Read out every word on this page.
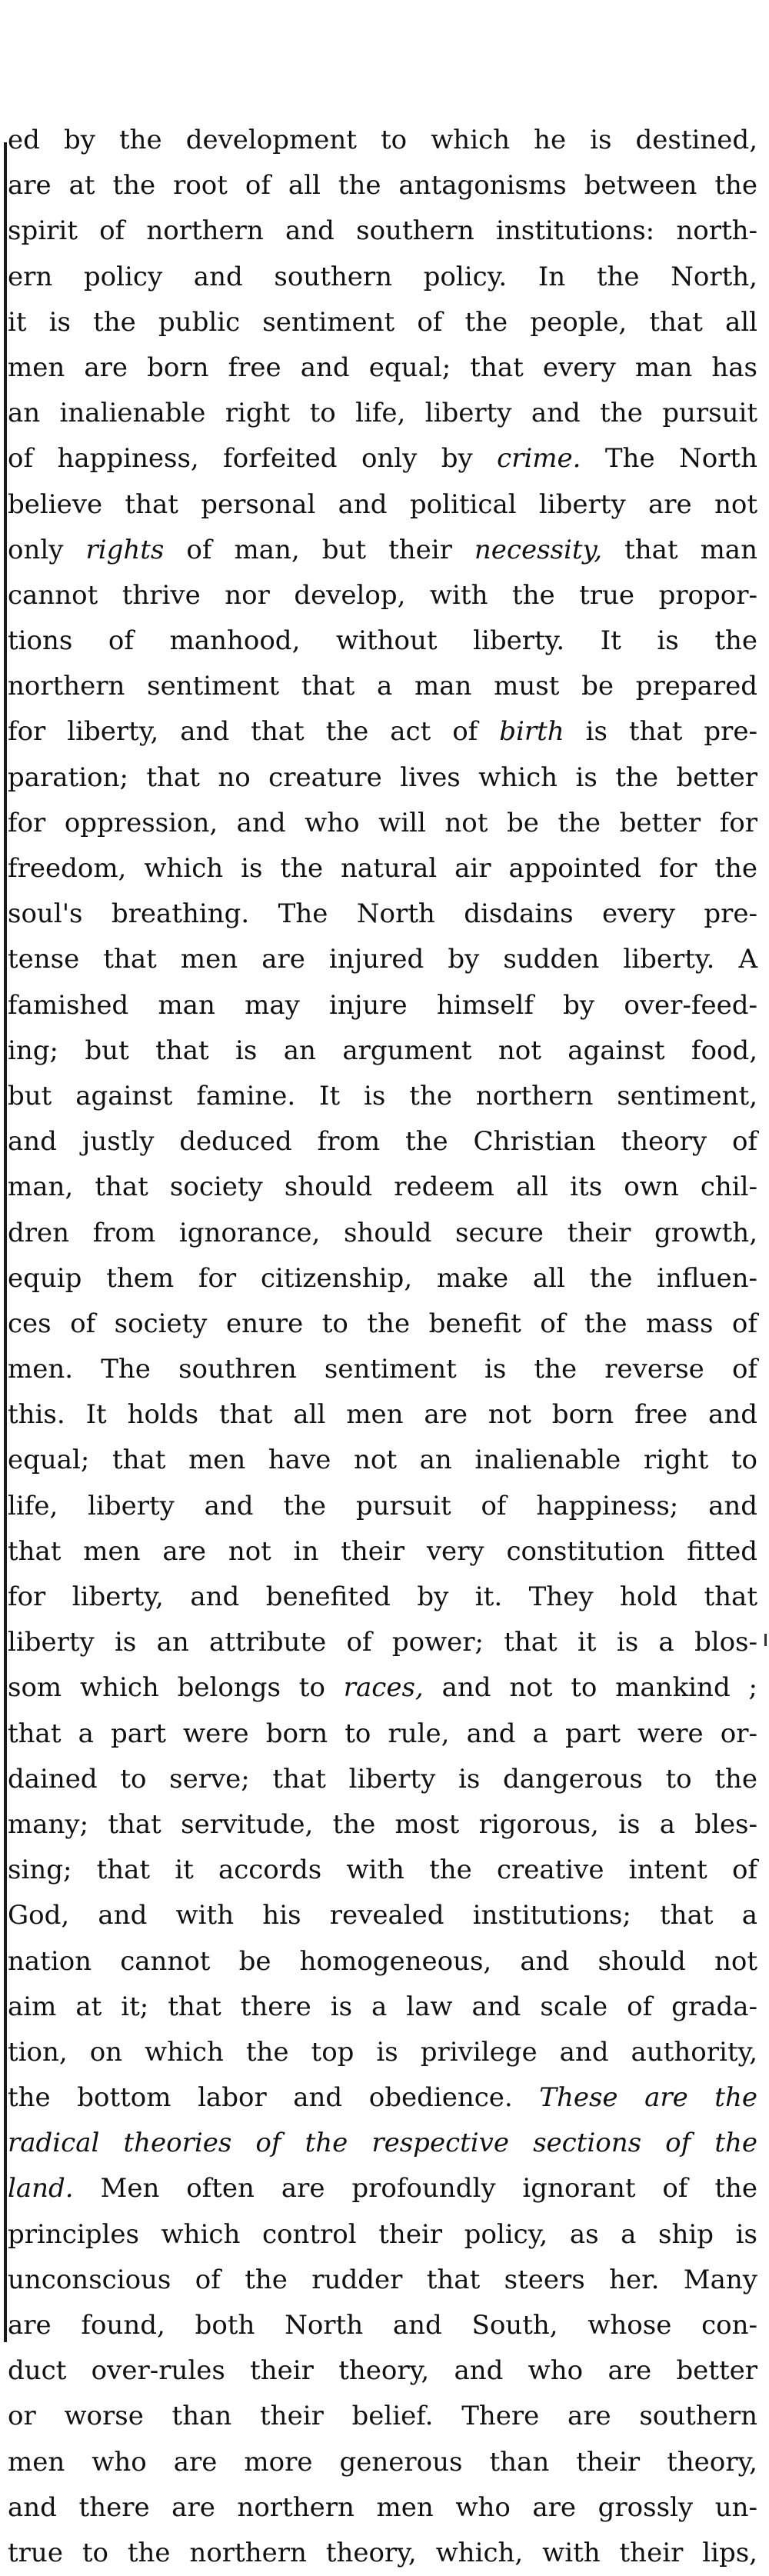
ed by the development to which he is destined,
are at the root of all the antagonisms between the
spirit of northern and southern institutions: north-
ern policy and southern policy. In the North,
it is the public sentiment of the people, that all
men are born free and equal; that every man has
an inalienable right to life, liberty and the pursuit
of happiness, forfeited only by crime. The North
believe that personal and political liberty are not
only rights of man, but their necessity, that man
cannot thrive nor develop, with the true propor-
tions of manhood, without liberty. It is the
northern sentiment that a man must be prepared
for liberty, and that the act of birth is that pre-
paration; that no creature lives which is the better
for oppression, and who will not be the better for
freedom, which is the natural air appointed for the
soul's breathing. The North disdains every pre-
tense that men are injured by sudden liberty. A
famished man may injure himself by over-feed-
ing; but that is an argument not against food,
but against famine. It is the northern sentiment,
and justly deduced from the Christian theory of
man, that society should redeem all its own chil-
dren from ignorance, should secure their growth,
equip them for citizenship, make all the influen-
ces of society enure to the benefit of the mass of
men. The southren sentiment is the reverse of
this. It holds that all men are not born free and
equal; that men have not an inalienable right to
life, liberty and the pursuit of happiness; and
that men are not in their very constitution fitted
for liberty, and benefited by it. They hold that
liberty is an attribute of power; that it is a blos-
som which belongs to races, and not to mankind ;
that a part were born to rule, and a part were or-
dained to serve; that liberty is dangerous to the
many; that servitude, the most rigorous, is a bles-
sing; that it accords with the creative intent of
God, and with his revealed institutions; that a
nation cannot be homogeneous, and should not
aim at it; that there is a law and scale of grada-
tion, on which the top is privilege and authority,
the bottom labor and obedience. These are the
radical theories of the respective sections of the
land. Men often are profoundly ignorant of the
principles which control their policy, as a ship is
unconscious of the rudder that steers her. Many
are found, both North and South, whose con-
duct over-rules their theory, and who are better
or worse than their belief. There are southern
men who are more generous than their theory,
and there are northern men who are grossly un-
true to the northern theory, which, with their lips,
